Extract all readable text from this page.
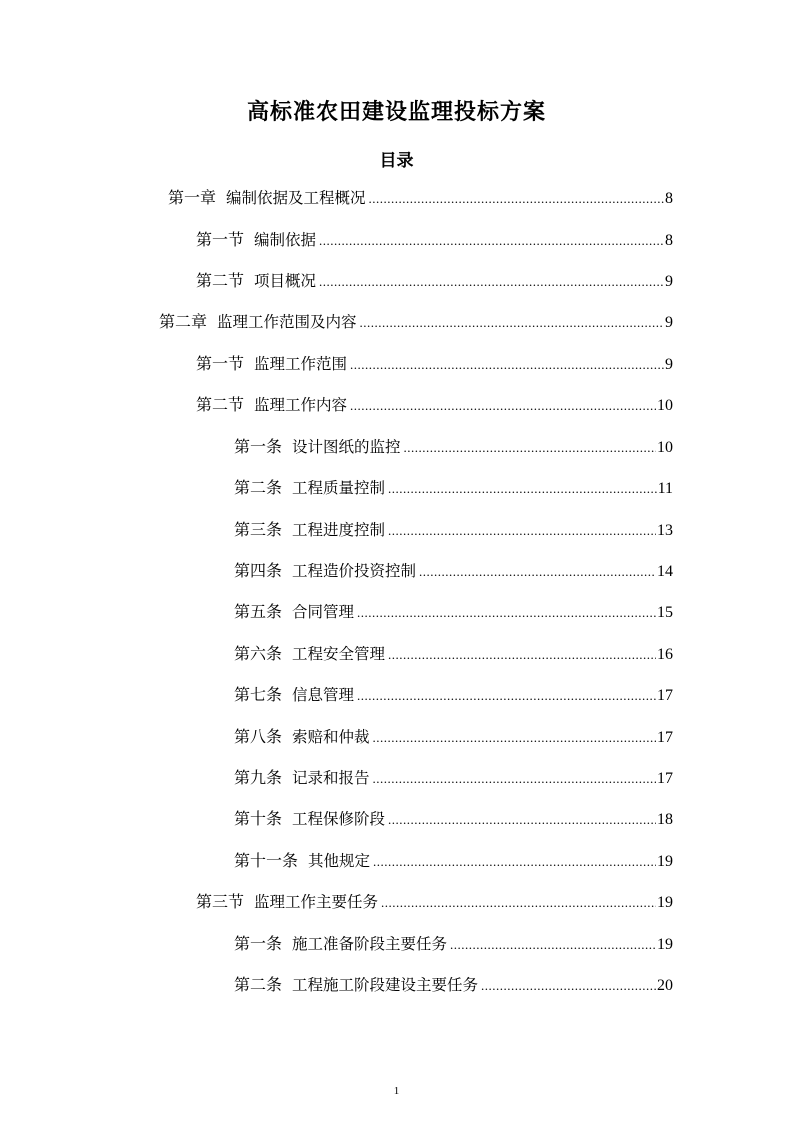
高标准农田建设监理投标方案
目录
第一章 编制依据及工程概况 .....	8
第一节 编制依据 .....	8
第二节 项目概况 .....	9
第二章 监理工作范围及内容 .....	9
第一节 监理工作范围 .....	9
第二节 监理工作内容 .....	10
第一条 设计图纸的监控 .....	10
第二条 工程质量控制 .....	11
第三条 工程进度控制 .....	13
第四条 工程造价投资控制 .....	14
第五条 合同管理 .....	15
第六条 工程安全管理 .....	16
第七条 信息管理 .....	17
第八条 索赔和仲裁 .....	17
第九条 记录和报告 .....	17
第十条 工程保修阶段 .....	18
第十一条 其他规定 .....	19
第三节 监理工作主要任务 .....	19
第一条 施工准备阶段主要任务 .....	19
第二条 工程施工阶段建设主要任务 .....	20
1
